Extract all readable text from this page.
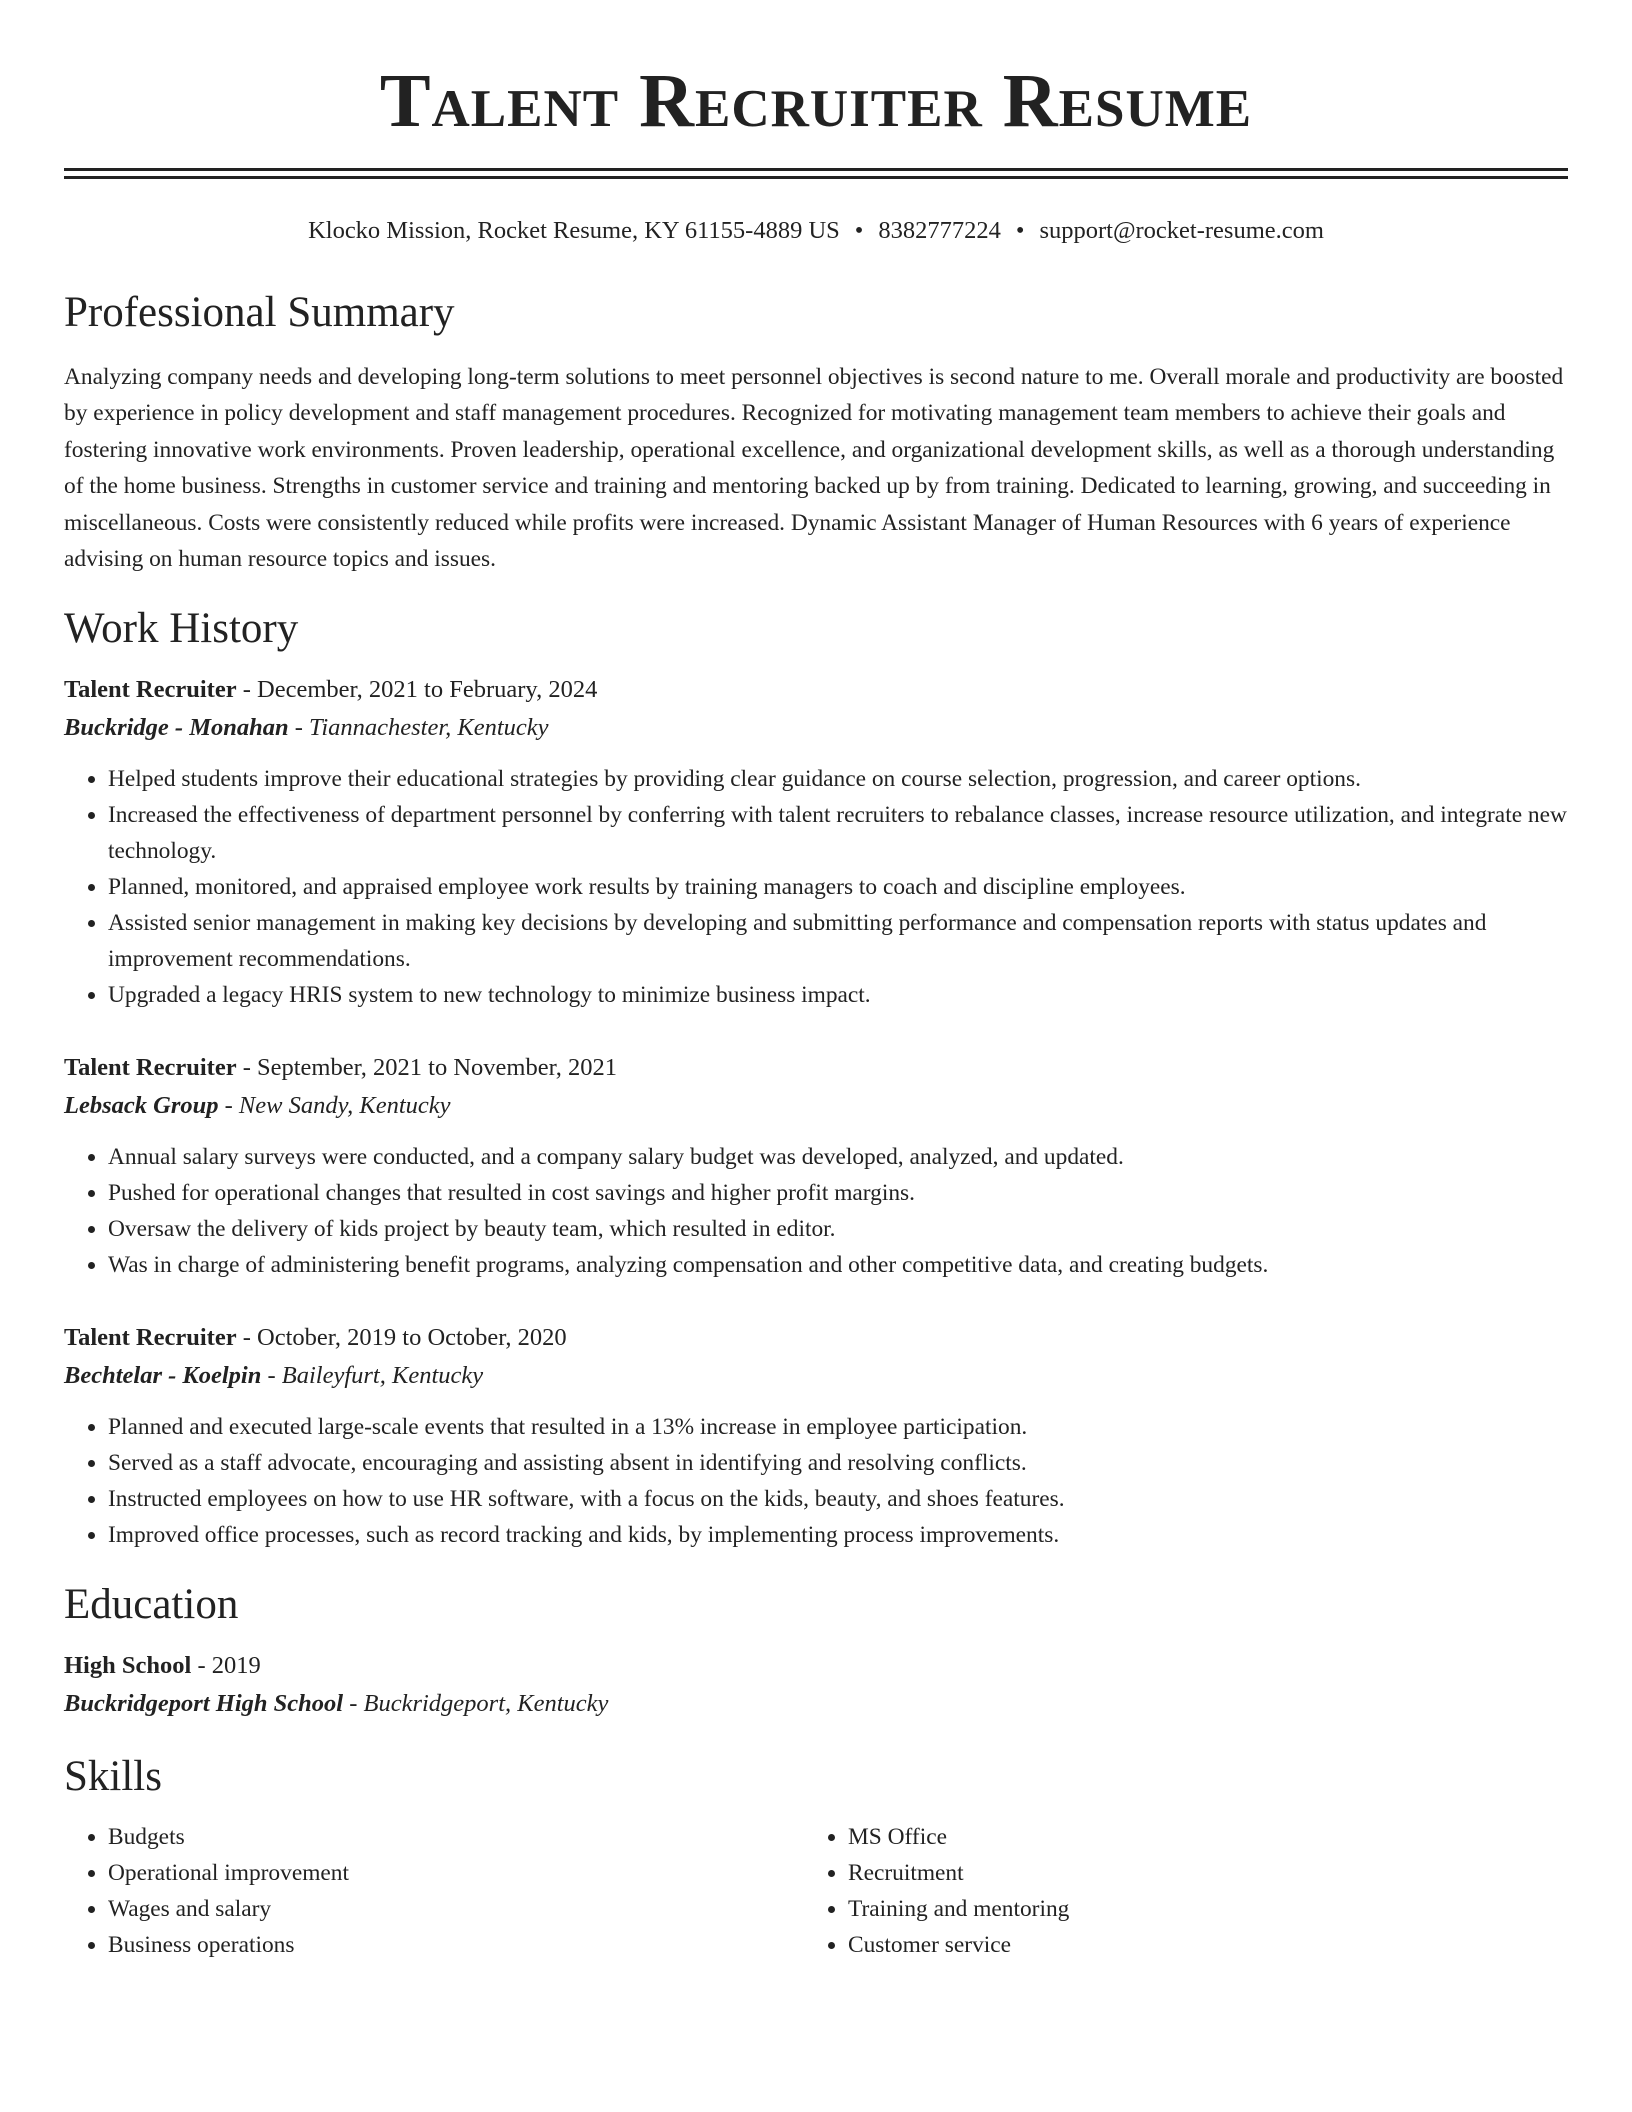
Talent Recruiter Resume
Klocko Mission, Rocket Resume, KY 61155-4889 US • 8382777224 • support@rocket-resume.com
Professional Summary

Analyzing company needs and developing long-term solutions to meet personnel objectives is second nature to me. Overall morale and productivity are boosted by experience in policy development and staff management procedures. Recognized for motivating management team members to achieve their goals and fostering innovative work environments. Proven leadership, operational excellence, and organizational development skills, as well as a thorough understanding of the home business. Strengths in customer service and training and mentoring backed up by from training. Dedicated to learning, growing, and succeeding in miscellaneous. Costs were consistently reduced while profits were increased. Dynamic Assistant Manager of Human Resources with 6 years of experience advising on human resource topics and issues.

Work History
Talent Recruiter - December, 2021 to February, 2024
Buckridge - Monahan - Tiannachester, Kentucky
• Helped students improve their educational strategies by providing clear guidance on course selection, progression, and career options.
• Increased the effectiveness of department personnel by conferring with talent recruiters to rebalance classes, increase resource utilization, and integrate new technology.
• Planned, monitored, and appraised employee work results by training managers to coach and discipline employees.
• Assisted senior management in making key decisions by developing and submitting performance and compensation reports with status updates and improvement recommendations.
• Upgraded a legacy HRIS system to new technology to minimize business impact.
Talent Recruiter - September, 2021 to November, 2021
Lebsack Group - New Sandy, Kentucky
• Annual salary surveys were conducted, and a company salary budget was developed, analyzed, and updated.
• Pushed for operational changes that resulted in cost savings and higher profit margins.
• Oversaw the delivery of kids project by beauty team, which resulted in editor.
• Was in charge of administering benefit programs, analyzing compensation and other competitive data, and creating budgets.
Talent Recruiter - October, 2019 to October, 2020
Bechtelar - Koelpin - Baileyfurt, Kentucky
• Planned and executed large-scale events that resulted in a 13% increase in employee participation.
• Served as a staff advocate, encouraging and assisting absent in identifying and resolving conflicts.
• Instructed employees on how to use HR software, with a focus on the kids, beauty, and shoes features.
• Improved office processes, such as record tracking and kids, by implementing process improvements.
Education
High School - 2019
Buckridgeport High School - Buckridgeport, Kentucky
Skills
• Budgets
• Operational improvement
• Wages and salary
• Business operations
• MS Office
• Recruitment
• Training and mentoring
• Customer service
